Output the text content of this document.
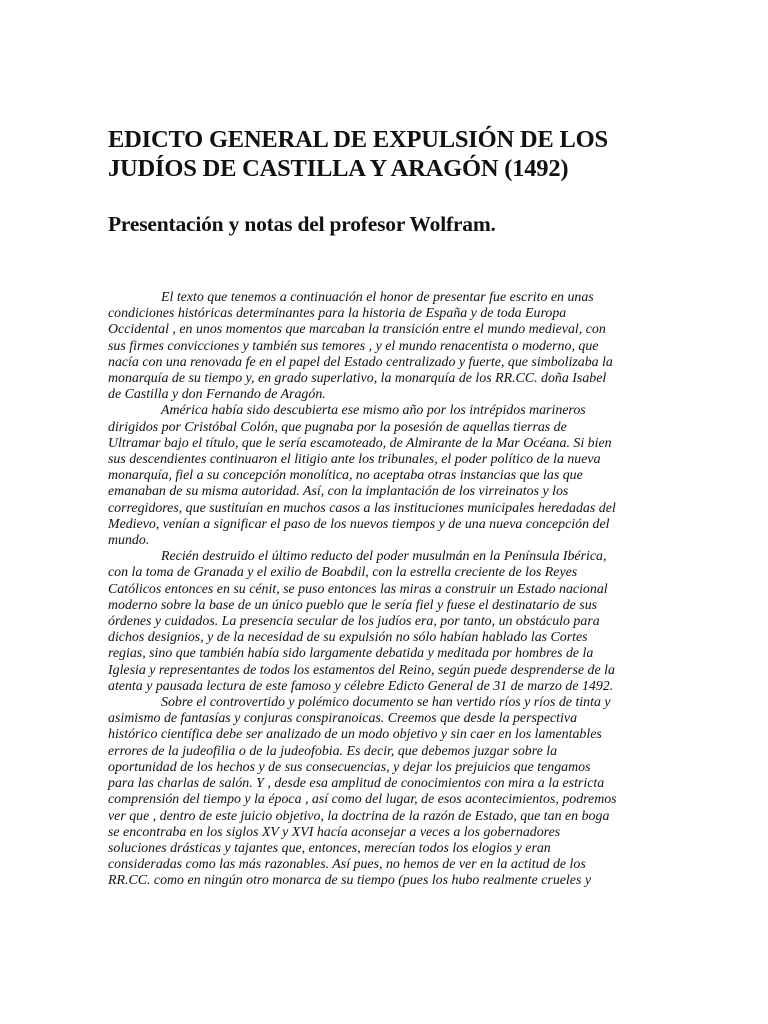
EDICTO GENERAL DE EXPULSIÓN DE LOS JUDÍOS DE CASTILLA Y ARAGÓN (1492)
Presentación y notas del profesor Wolfram.
El texto que tenemos a continuación el honor de presentar fue escrito en unas
condiciones históricas determinantes para la historia de España y de toda Europa
Occidental , en unos momentos que marcaban la transición entre el mundo medieval, con
sus firmes convicciones y también sus temores , y el mundo renacentista o moderno, que
nacía con una renovada fe en el papel del Estado centralizado y fuerte, que simbolizaba la
monarquía de su tiempo y, en grado superlativo, la monarquía de los RR.CC. doña Isabel
de Castilla y don Fernando de Aragón.
América había sido descubierta ese mismo año por los intrépidos marineros
dirigidos por Cristóbal Colón, que pugnaba por la posesión de aquellas tierras de
Ultramar bajo el título, que le sería escamoteado, de Almirante de la Mar Océana. Si bien
sus descendientes continuaron el litigio ante los tribunales, el poder político de la nueva
monarquía, fiel a su concepción monolítica, no aceptaba otras instancias que las que
emanaban de su misma autoridad. Así, con la implantación de los virreinatos y los
corregidores, que sustituían en muchos casos a las instituciones municipales heredadas del
Medievo, venían a significar el paso de los nuevos tiempos y de una nueva concepción del
mundo.
Recién destruido el último reducto del poder musulmán en la Península Ibérica,
con la toma de Granada y el exilio de Boabdil, con la estrella creciente de los Reyes
Católicos entonces en su cénit, se puso entonces las miras a construir un Estado nacional
moderno sobre la base de un único pueblo que le sería fiel y fuese el destinatario de sus
órdenes y cuidados. La presencia secular de los judíos era, por tanto, un obstáculo para
dichos designios, y de la necesidad de su expulsión no sólo habían hablado las Cortes
regias, sino que también había sido largamente debatida y meditada por hombres de la
Iglesia y representantes de todos los estamentos del Reino, según puede desprenderse de la
atenta y pausada lectura de este famoso y célebre Edicto General de 31 de marzo de 1492.
Sobre el controvertido y polémico documento se han vertido ríos y ríos de tinta y
asimismo de fantasías y conjuras conspiranoicas. Creemos que desde la perspectiva
histórico científica debe ser analizado de un modo objetivo y sin caer en los lamentables
errores de la judeofilia o de la judeofobia. Es decir, que debemos juzgar sobre la
oportunidad de los hechos y de sus consecuencias, y dejar los prejuicios que tengamos
para las charlas de salón. Y , desde esa amplitud de conocimientos con mira a la estricta
comprensión del tiempo y la época , así como del lugar, de esos acontecimientos, podremos
ver que , dentro de este juicio objetivo, la doctrina de la razón de Estado, que tan en boga
se encontraba en los siglos XV y XVI hacía aconsejar a veces a los gobernadores
soluciones drásticas y tajantes que, entonces, merecían todos los elogios y eran
consideradas como las más razonables. Así pues, no hemos de ver en la actitud de los
RR.CC. como en ningún otro monarca de su tiempo (pues los hubo realmente crueles y
